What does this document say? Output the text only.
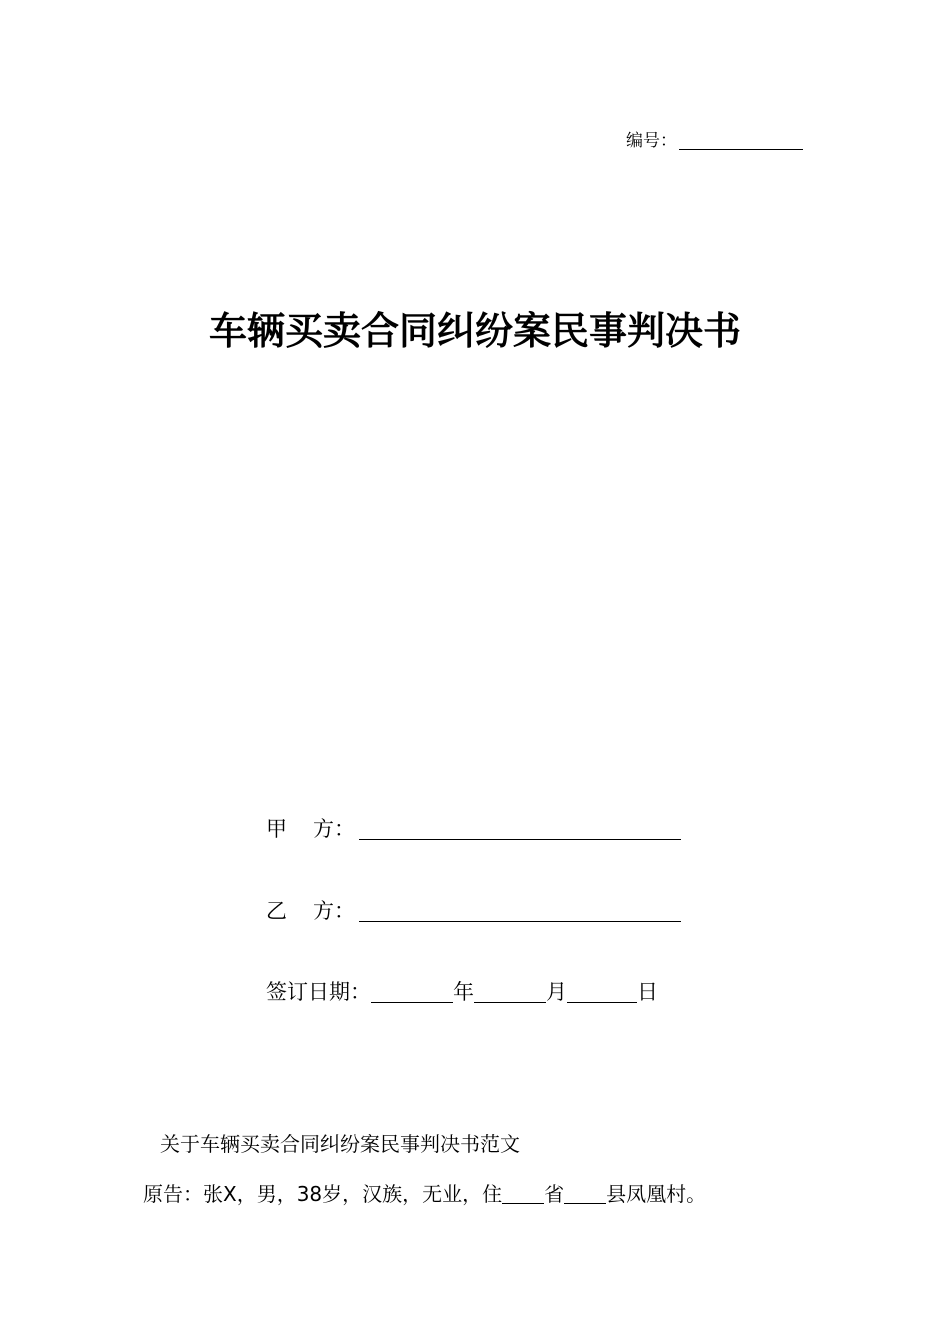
编号：
车辆买卖合同纠纷案民事判决书
甲 方：
乙 方：
签订日期：	年	月	日
关于车辆买卖合同纠纷案民事判决书范文
原告：张X，男，38岁，汉族，无业，住 省 县凤凰村。
